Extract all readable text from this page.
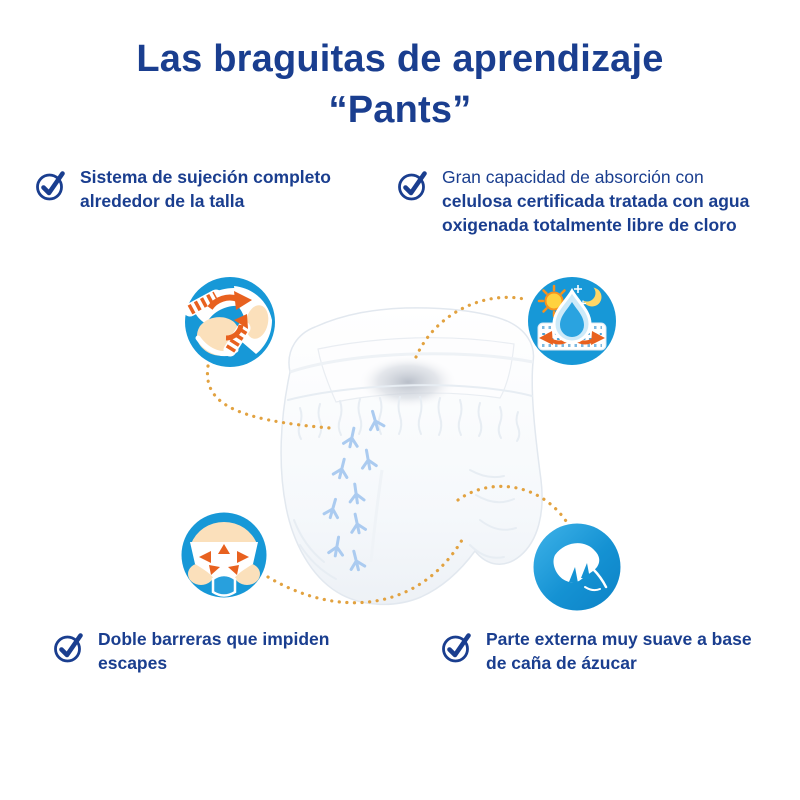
Las braguitas de aprendizaje
“Pants”
Sistema de sujeción completo alrededor de la talla
Gran capacidad de absorción con celulosa certificada tratada con agua oxigenada totalmente libre de cloro
Doble barreras que impiden escapes
Parte externa muy suave a base de caña de ázucar
